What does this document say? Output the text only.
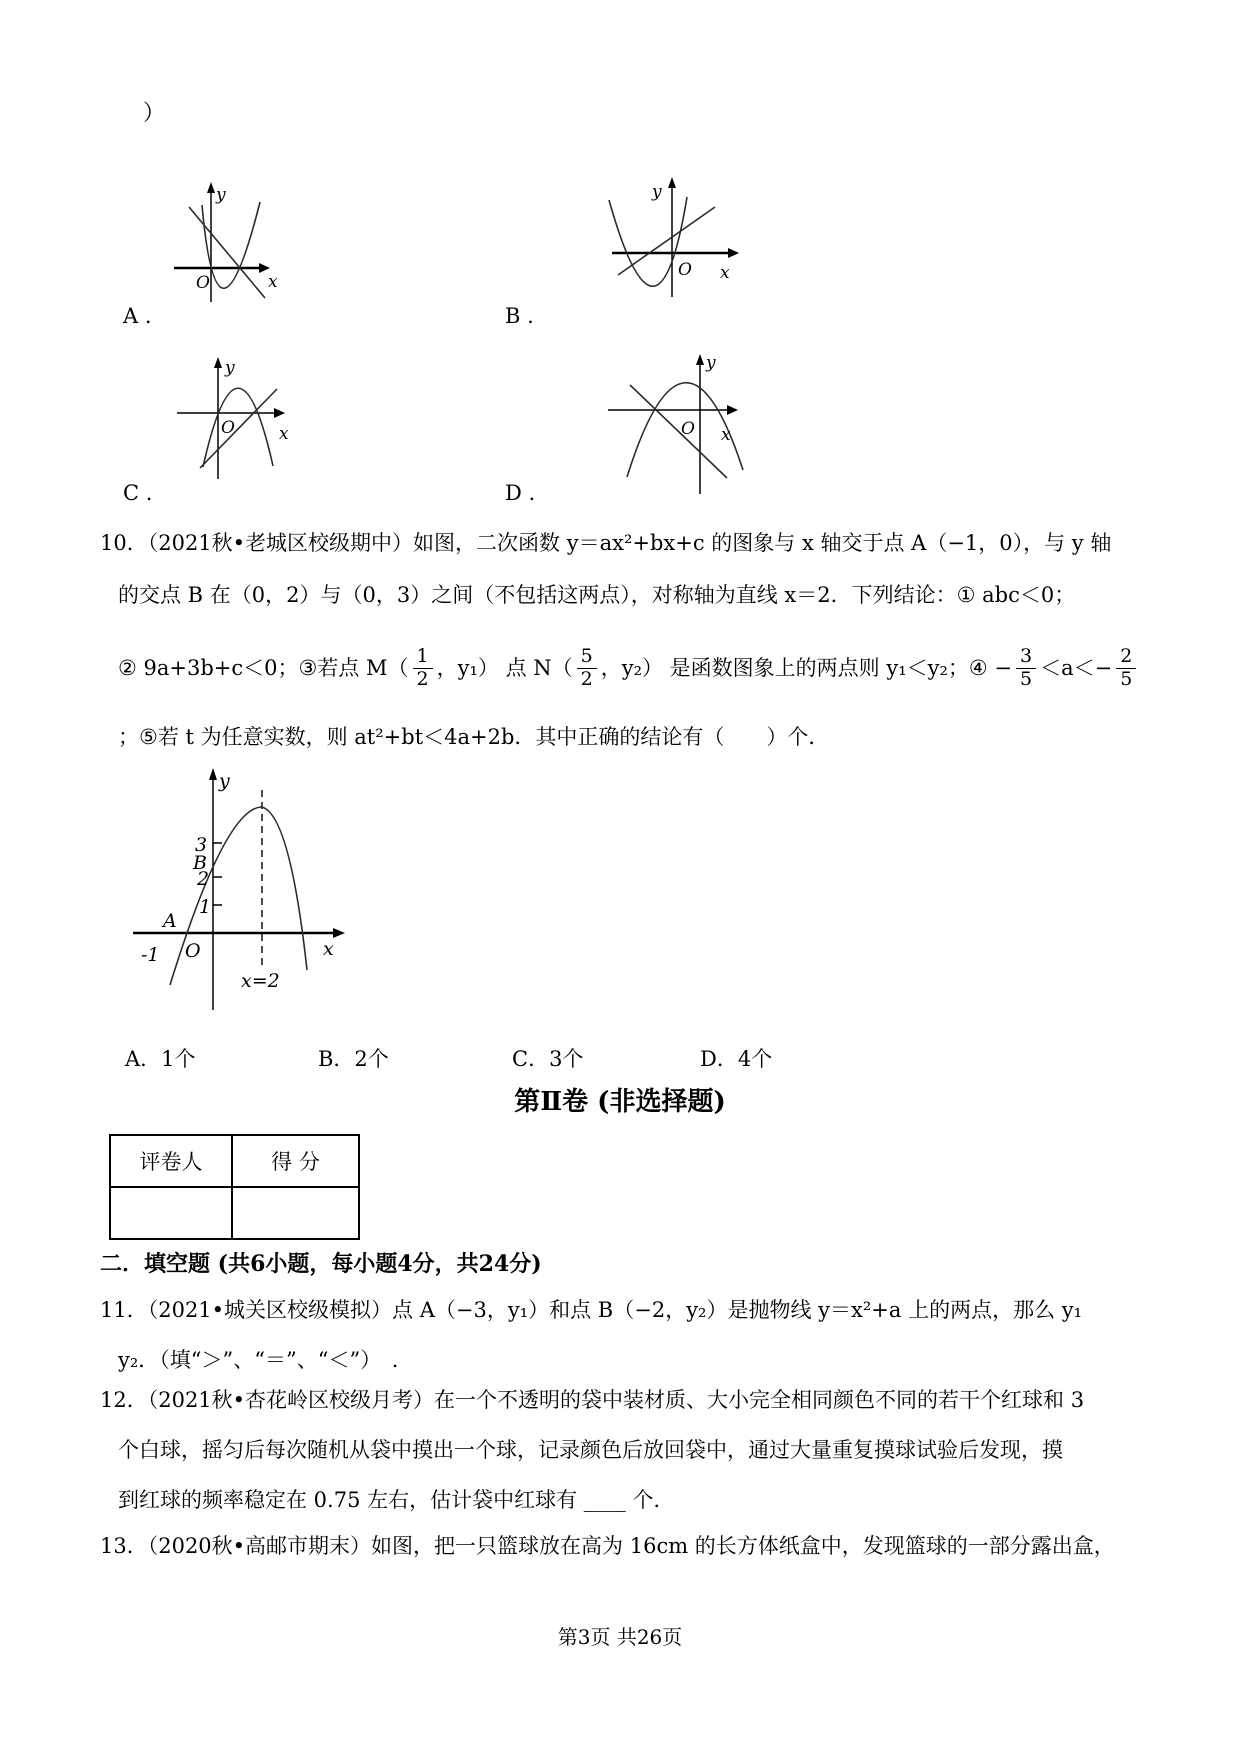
）
y
x
O
A .
y
x
O
B .
y
x
O
C .
y
x
O
D .
10．（2021秋•老城区校级期中）如图，二次函数 y＝ax²+bx+c 的图象与 x 轴交于点 A（−1，0），与 y 轴
的交点 B 在（0，2）与（0，3）之间（不包括这两点），对称轴为直线 x＝2．下列结论：① abc＜0；
② 9a+3b+c＜0；③若点 $M( \frac{1}{2}$ ，y₁） 点 $N( \frac{5}{2}$ ，y₂） 是函数图象上的两点则 y₁＜y₂；④ − $\frac{3}{5} <a<- \frac{2}{5}$
；⑤若 t 为任意实数，则 at²+bt＜4a+2b．其中正确的结论有（　　）个．
y
x
O
3
2
1
B
A
-1
x=2
A．1个	B．2个	C．3个	D．4个
第Ⅱ卷 (非选择题)
评卷人	得 分
二．填空题 (共6小题，每小题4分，共24分)
11．（2021•城关区校级模拟）点 A（−3，y₁）和点 B（−2，y₂）是抛物线 y＝x²+a 上的两点，那么 y₁
y₂．（填“＞”、“＝”、“＜”）　.
12．（2021秋•杏花岭区校级月考）在一个不透明的袋中装材质、大小完全相同颜色不同的若干个红球和 3
个白球，摇匀后每次随机从袋中摸出一个球，记录颜色后放回袋中，通过大量重复摸球试验后发现，摸
到红球的频率稳定在 0.75 左右，估计袋中红球有 ____ 个．
13．（2020秋•高邮市期末）如图，把一只篮球放在高为 16cm 的长方体纸盒中，发现篮球的一部分露出盒，
第3页 共26页
